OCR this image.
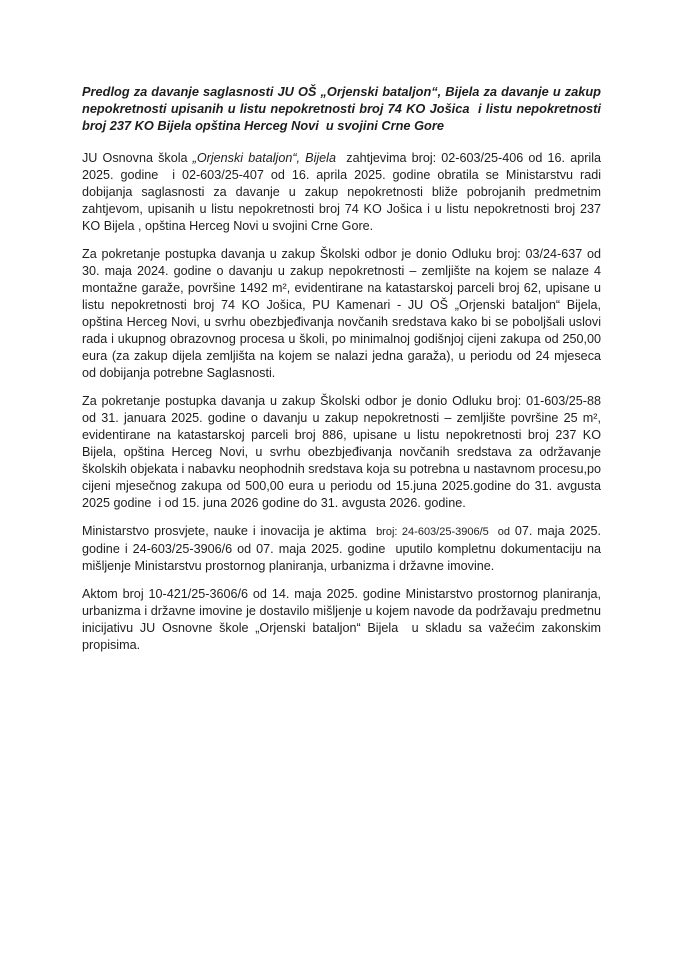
Predlog za davanje saglasnosti JU OŠ „Orjenski bataljon“, Bijela za davanje u zakup nepokretnosti upisanih u listu nepokretnosti broj 74 KO Jošica  i listu nepokretnosti broj 237 KO Bijela opština Herceg Novi  u svojini Crne Gore

JU Osnovna škola „Orjenski bataljon“, Bijela  zahtjevima broj: 02-603/25-406 od 16. aprila 2025. godine  i 02-603/25-407 od 16. aprila 2025. godine obratila se Ministarstvu radi dobijanja saglasnosti za davanje u zakup nepokretnosti bliže pobrojanih predmetnim zahtjevom, upisanih u listu nepokretnosti broj 74 KO Jošica i u listu nepokretnosti broj 237 KO Bijela , opština Herceg Novi u svojini Crne Gore.

Za pokretanje postupka davanja u zakup Školski odbor je donio Odluku broj: 03/24-637 od 30. maja 2024. godine o davanju u zakup nepokretnosti – zemljište na kojem se nalaze 4 montažne garaže, površine 1492 m², evidentirane na katastarskoj parceli broj 62, upisane u listu nepokretnosti broj 74 KO Jošica, PU Kamenari - JU OŠ „Orjenski bataljon“ Bijela, opština Herceg Novi, u svrhu obezbjeđivanja novčanih sredstava kako bi se poboljšali uslovi rada i ukupnog obrazovnog procesa u školi, po minimalnoj godišnjoj cijeni zakupa od 250,00 eura (za zakup dijela zemljišta na kojem se nalazi jedna garaža), u periodu od 24 mjeseca od dobijanja potrebne Saglasnosti.

Za pokretanje postupka davanja u zakup Školski odbor je donio Odluku broj: 01-603/25-88 od 31. januara 2025. godine o davanju u zakup nepokretnosti – zemljište površine 25 m², evidentirane na katastarskoj parceli broj 886, upisane u listu nepokretnosti broj 237 KO Bijela, opština Herceg Novi, u svrhu obezbjeđivanja novčanih sredstava za održavanje školskih objekata i nabavku neophodnih sredstava koja su potrebna u nastavnom procesu,po cijeni mjesečnog zakupa od 500,00 eura u periodu od 15.juna 2025.godine do 31. avgusta 2025 godine  i od 15. juna 2026 godine do 31. avgusta 2026. godine.

Ministarstvo prosvjete, nauke i inovacija je aktima  broj: 24-603/25-3906/5  od 07. maja 2025. godine i 24-603/25-3906/6 od 07. maja 2025. godine  uputilo kompletnu dokumentaciju na mišljenje Ministarstvu prostornog planiranja, urbanizma i državne imovine.

Aktom broj 10-421/25-3606/6 od 14. maja 2025. godine Ministarstvo prostornog planiranja, urbanizma i državne imovine je dostavilo mišljenje u kojem navode da podržavaju predmetnu inicijativu JU Osnovne škole „Orjenski bataljon“ Bijela  u skladu sa važećim zakonskim propisima.
